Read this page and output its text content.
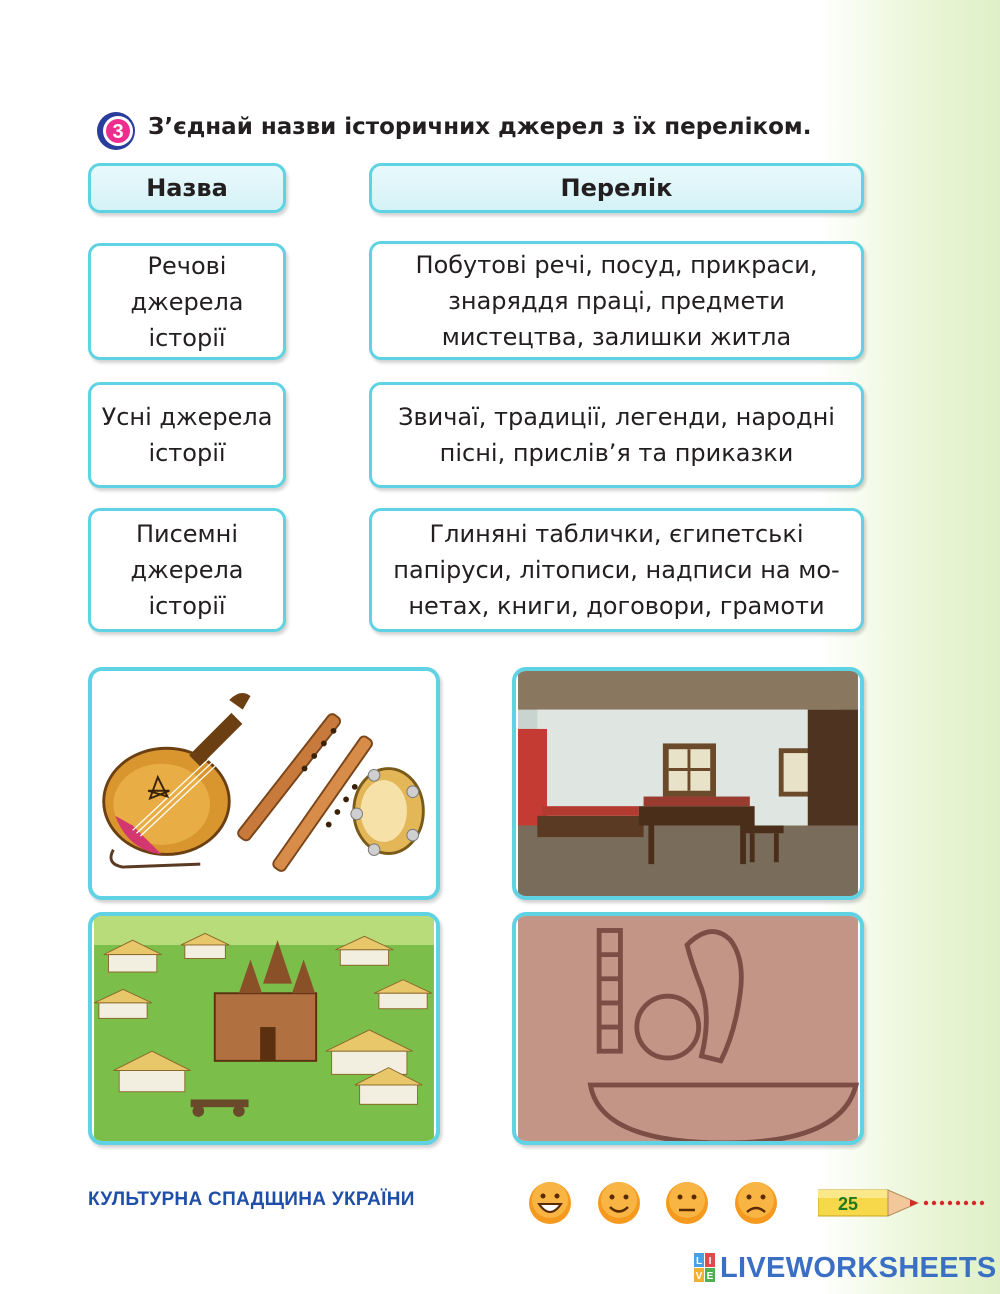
3 З’єднай назви історичних джерел з їх переліком.
Назва	Перелік
Речові
джерела
історії
Побутові речі, посуд, прикраси,
знаряддя праці, предмети
мистецтва, залишки житла
Усні джерела
історії
Звичаї, традиції, легенди, народні
пісні, прислів’я та приказки
Писемні
джерела
історії
Глиняні таблички, єгипетські
папіруси, літописи, надписи на мо-
нетах, книги, договори, грамоти
КУЛЬТУРНА СПАДЩИНА УКРАЇНИ	25
L I
V E LIVEWORKSHEETS
